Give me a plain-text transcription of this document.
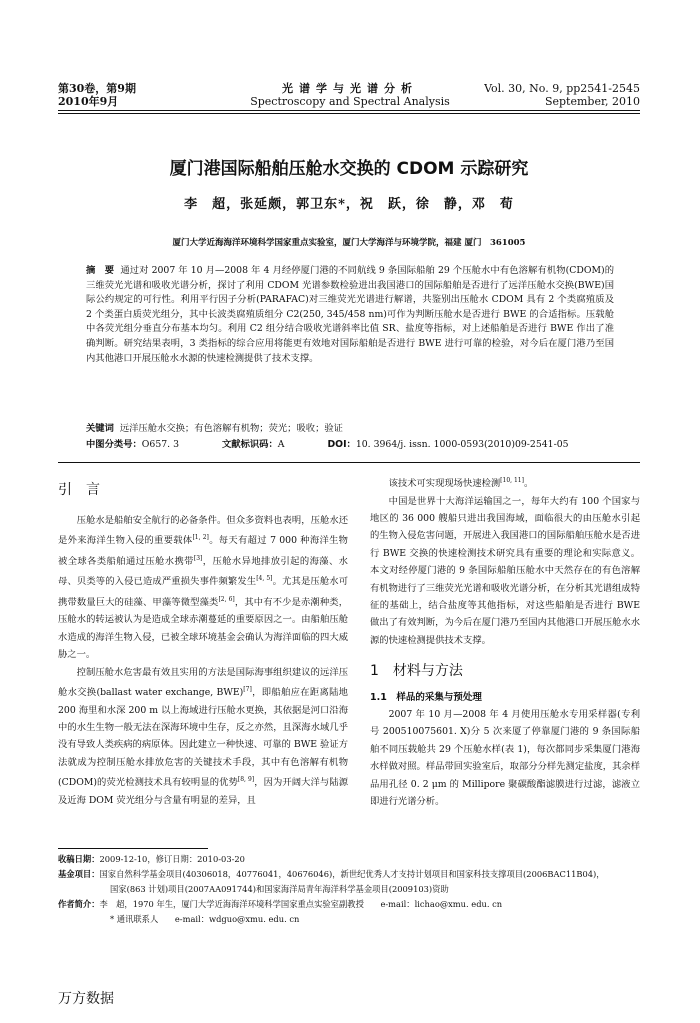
第30卷，第9期
2010年9月
光谱学与光谱分析
Spectroscopy and Spectral Analysis
Vol. 30, No. 9, pp2541-2545
September, 2010
厦门港国际船舶压舱水交换的 CDOM 示踪研究
李　超，张延颇，郭卫东*，祝　跃，徐　静，邓　荀
厦门大学近海海洋环境科学国家重点实验室，厦门大学海洋与环境学院，福建 厦门　361005
摘　要 通过对 2007 年 10 月—2008 年 4 月经停厦门港的不同航线 9 条国际船舶 29 个压舱水中有色溶解有机物(CDOM)的三维荧光光谱和吸收光谱分析，探讨了利用 CDOM 光谱参数检验进出我国港口的国际船舶是否进行了远洋压舱水交换(BWE)国际公约规定的可行性。利用平行因子分析(PARAFAC)对三维荧光光谱进行解谱，共鉴别出压舱水 CDOM 具有 2 个类腐殖质及 2 个类蛋白质荧光组分，其中长波类腐殖质组分 C2(250, 345/458 nm)可作为判断压舱水是否进行 BWE 的合适指标。压载舱中各荧光组分垂直分布基本均匀。利用 C2 组分结合吸收光谱斜率比值 SR、盐度等指标，对上述船舶是否进行 BWE 作出了准确判断。研究结果表明，3 类指标的综合应用将能更有效地对国际船舶是否进行 BWE 进行可靠的检验，对今后在厦门港乃至国内其他港口开展压舱水水源的快速检测提供了技术支撑。
关键词 远洋压舱水交换；有色溶解有机物；荧光；吸收；验证
中图分类号：O657. 3	文献标识码：A	DOI：10. 3964/j. issn. 1000-0593(2010)09-2541-05
引　言

压舱水是船舶安全航行的必备条件。但众多资料也表明，压舱水还是外来海洋生物入侵的重要载体[1, 2]。每天有超过 7 000 种海洋生物被全球各类船舶通过压舱水携带[3]，压舱水异地排放引起的海藻、水母、贝类等的入侵已造成严重损失事件频繁发生[4, 5]。尤其是压舱水可携带数量巨大的硅藻、甲藻等微型藻类[2, 6]，其中有不少是赤潮种类，压舱水的转运被认为是造成全球赤潮蔓延的重要原因之一。由船舶压舱水造成的海洋生物入侵，已被全球环境基金会确认为海洋面临的四大威胁之一。

控制压舱水危害最有效且实用的方法是国际海事组织建议的远洋压舱水交换(ballast water exchange, BWE)[7]，即船舶应在距离陆地 200 海里和水深 200 m 以上海域进行压舱水更换，其依据是河口沿海中的水生生物一般无法在深海环境中生存，反之亦然，且深海水域几乎没有导致人类疾病的病原体。因此建立一种快速、可靠的 BWE 验证方法就成为控制压舱水排放危害的关键技术手段，其中有色溶解有机物(CDOM)的荧光检测技术具有较明显的优势[8, 9]，因为开阔大洋与陆源及近海 DOM 荧光组分与含量有明显的差异，且

该技术可实现现场快速检测[10, 11]。

中国是世界十大海洋运输国之一，每年大约有 100 个国家与地区的 36 000 艘船只进出我国海域，面临很大的由压舱水引起的生物入侵危害问题，开展进入我国港口的国际船舶压舱水是否进行 BWE 交换的快速检测技术研究具有重要的理论和实际意义。本文对经停厦门港的 9 条国际船舶压舱水中天然存在的有色溶解有机物进行了三维荧光光谱和吸收光谱分析，在分析其光谱组成特征的基础上，结合盐度等其他指标，对这些船舶是否进行 BWE 做出了有效判断，为今后在厦门港乃至国内其他港口开展压舱水水源的快速检测提供技术支撑。

1　材料与方法
1.1　样品的采集与预处理

2007 年 10 月—2008 年 4 月使用压舱水专用采样器(专利号 200510075601. X)分 5 次来厦了停靠厦门港的 9 条国际船舶不同压载舱共 29 个压舱水样(表 1)，每次都同步采集厦门港海水样做对照。样品带回实验室后，取部分分样先测定盐度，其余样品用孔径 0. 2 μm 的 Millipore 聚碳酸酯滤膜进行过滤，滤液立即进行光谱分析。

收稿日期：2009-12-10，修订日期：2010-03-20
基金项目：国家自然科学基金项目(40306018，40776041，40676046)，新世纪优秀人才支持计划项目和国家科技支撑项目(2006BAC11B04)，
国家(863 计划)项目(2007AA091744)和国家海洋局青年海洋科学基金项目(2009103)资助
作者简介：李　超，1970 年生，厦门大学近海海洋环境科学国家重点实验室副教授　　e-mail：lichao@xmu. edu. cn
* 通讯联系人　　e-mail：wdguo@xmu. edu. cn
万方数据
